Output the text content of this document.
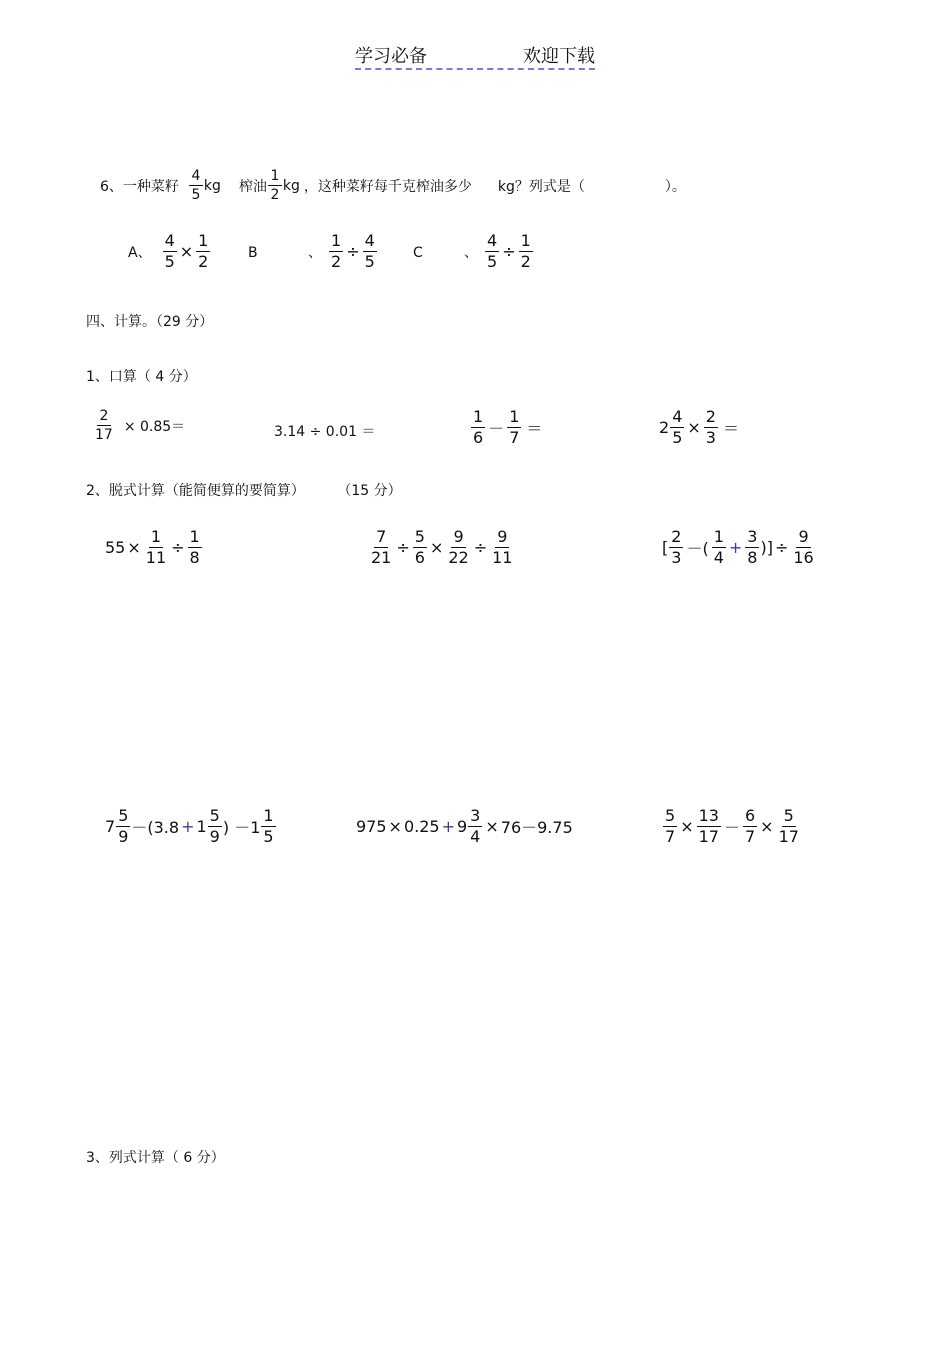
学习必备	欢迎下载
6、一种菜籽 $\frac{4}{5}$ kg 榨油 $\frac{1}{2}$ kg ，这种菜籽每千克榨油多少 kg？列式是（	）。
A、 $\frac{4}{5} \times \frac{1}{2}$	B	、 $\frac{1}{2} \div \frac{4}{5}$	C	、 $\frac{4}{5} \div \frac{1}{2}$
四、计算。（29 分）
1、口算（ 4 分）
$\frac{2}{17} \times 0.85=$	3.14 ÷ 0.01 ＝	$\frac{1}{6} - \frac{1}{7}$ ＝	$2 \frac{4}{5} \times \frac{2}{3}$ ＝
2、脱式计算（能简便算的要简算） （15 分）
$55 \times \frac{1}{11} \div \frac{1}{8}$	$\frac{7}{21} \div \frac{5}{6} \times \frac{9}{22} \div \frac{9}{11}$	[ $\frac{2}{3}$ －( $\frac{1}{4} + \frac{3}{8}$ )] ÷ $\frac{9}{16}$
$7 \frac{5}{9} -(3.8 + 1 \frac{5}{9}$ ) $-1 \frac{1}{5}$	$975 \times 0.25 + 9 \frac{3}{4} \times 76-9.75$	$\frac{5}{7} \times \frac{13}{17} - \frac{6}{7} \times \frac{5}{17}$
3、列式计算（ 6 分）
